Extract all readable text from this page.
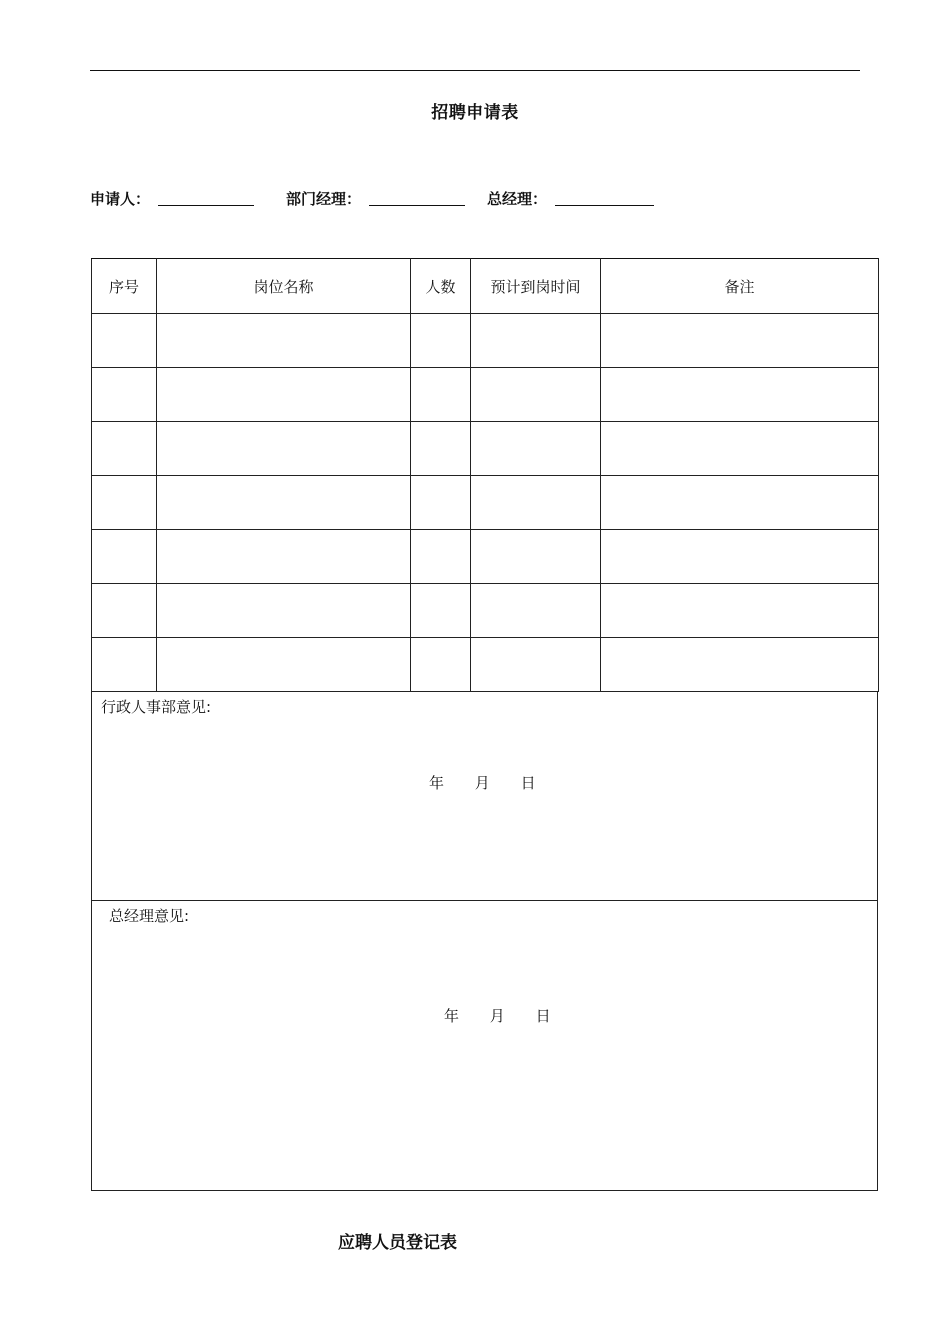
招聘申请表
申请人：	部门经理：	总经理：
序号	岗位名称	人数	预计到岗时间	备注

行政人事部意见:
年 月 日
总经理意见:
年 月 日
应聘人员登记表
